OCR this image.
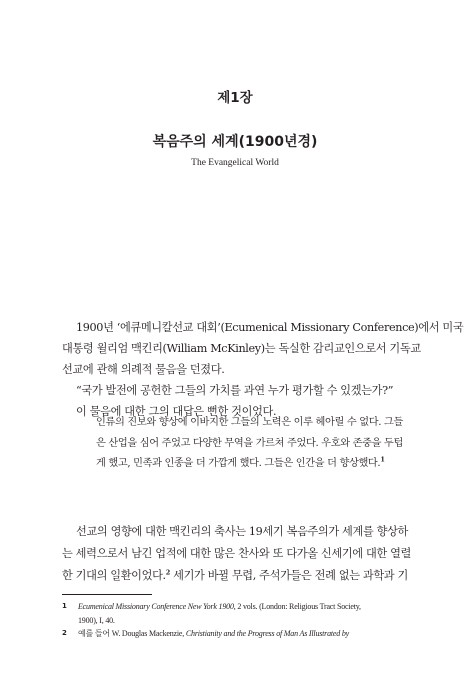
제1장
복음주의 세계(1900년경)
The Evangelical World
1900년 ‘에큐메니칼선교 대회’(Ecumenical Missionary Conference)에서 미국
대통령 윌리엄 맥킨리(William McKinley)는 독실한 감리교인으로서 기독교
선교에 관해 의례적 물음을 던졌다.
“국가 발전에 공헌한 그들의 가치를 과연 누가 평가할 수 있겠는가?”
이 물음에 대한 그의 대답은 뻔한 것이었다.
인류의 진보와 향상에 이바지한 그들의 노력은 이루 헤아릴 수 없다. 그들
은 산업을 심어 주었고 다양한 무역을 가르쳐 주었다. 우호와 존중을 두텁
게 했고, 민족과 인종을 더 가깝게 했다. 그들은 인간을 더 향상했다.$^1$
선교의 영향에 대한 맥킨리의 축사는 19세기 복음주의가 세계를 향상하
는 세력으로서 남긴 업적에 대한 많은 찬사와 또 다가올 신세기에 대한 열렬
한 기대의 일환이었다.$^2$ 세기가 바뀔 무렵, 주석가들은 전례 없는 과학과 기
1 Ecumenical Missionary Conference New York 1900, 2 vols. (London: Religious Tract Society,
1900), I, 40.
2 예를 들어 W. Douglas Mackenzie, Christianity and the Progress of Man As Illustrated by
